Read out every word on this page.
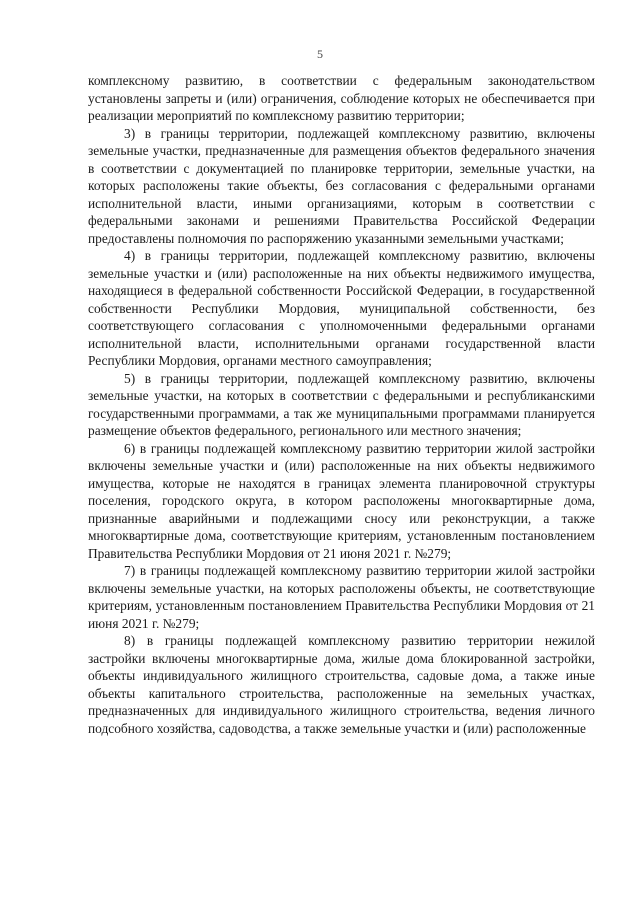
5

комплексному развитию, в соответствии с федеральным законодательством установлены запреты и (или) ограничения, соблюдение которых не обеспечивается при реализации мероприятий по комплексному развитию территории;

3) в границы территории, подлежащей комплексному развитию, включены земельные участки, предназначенные для размещения объектов федерального значения в соответствии с документацией по планировке территории, земельные участки, на которых расположены такие объекты, без согласования с федеральными органами исполнительной власти, иными организациями, которым в соответствии с федеральными законами и решениями Правительства Российской Федерации предоставлены полномочия по распоряжению указанными земельными участками;

4) в границы территории, подлежащей комплексному развитию, включены земельные участки и (или) расположенные на них объекты недвижимого имущества, находящиеся в федеральной собственности Российской Федерации, в государственной собственности Республики Мордовия, муниципальной собственности, без соответствующего согласования с уполномоченными федеральными органами исполнительной власти, исполнительными органами государственной власти Республики Мордовия, органами местного самоуправления;

5) в границы территории, подлежащей комплексному развитию, включены земельные участки, на которых в соответствии с федеральными и республиканскими государственными программами, а так же муниципальными программами планируется размещение объектов федерального, регионального или местного значения;

6) в границы подлежащей комплексному развитию территории жилой застройки включены земельные участки и (или) расположенные на них объекты недвижимого имущества, которые не находятся в границах элемента планировочной структуры поселения, городского округа, в котором расположены многоквартирные дома, признанные аварийными и подлежащими сносу или реконструкции, а также многоквартирные дома, соответствующие критериям, установленным постановлением Правительства Республики Мордовия от 21 июня 2021 г. №279;

7) в границы подлежащей комплексному развитию территории жилой застройки включены земельные участки, на которых расположены объекты, не соответствующие критериям, установленным постановлением Правительства Республики Мордовия от 21 июня 2021 г. №279;

8) в границы подлежащей комплексному развитию территории нежилой застройки включены многоквартирные дома, жилые дома блокированной застройки, объекты индивидуального жилищного строительства, садовые дома, а также иные объекты капитального строительства, расположенные на земельных участках, предназначенных для индивидуального жилищного строительства, ведения личного подсобного хозяйства, садоводства, а также земельные участки и (или) расположенные
